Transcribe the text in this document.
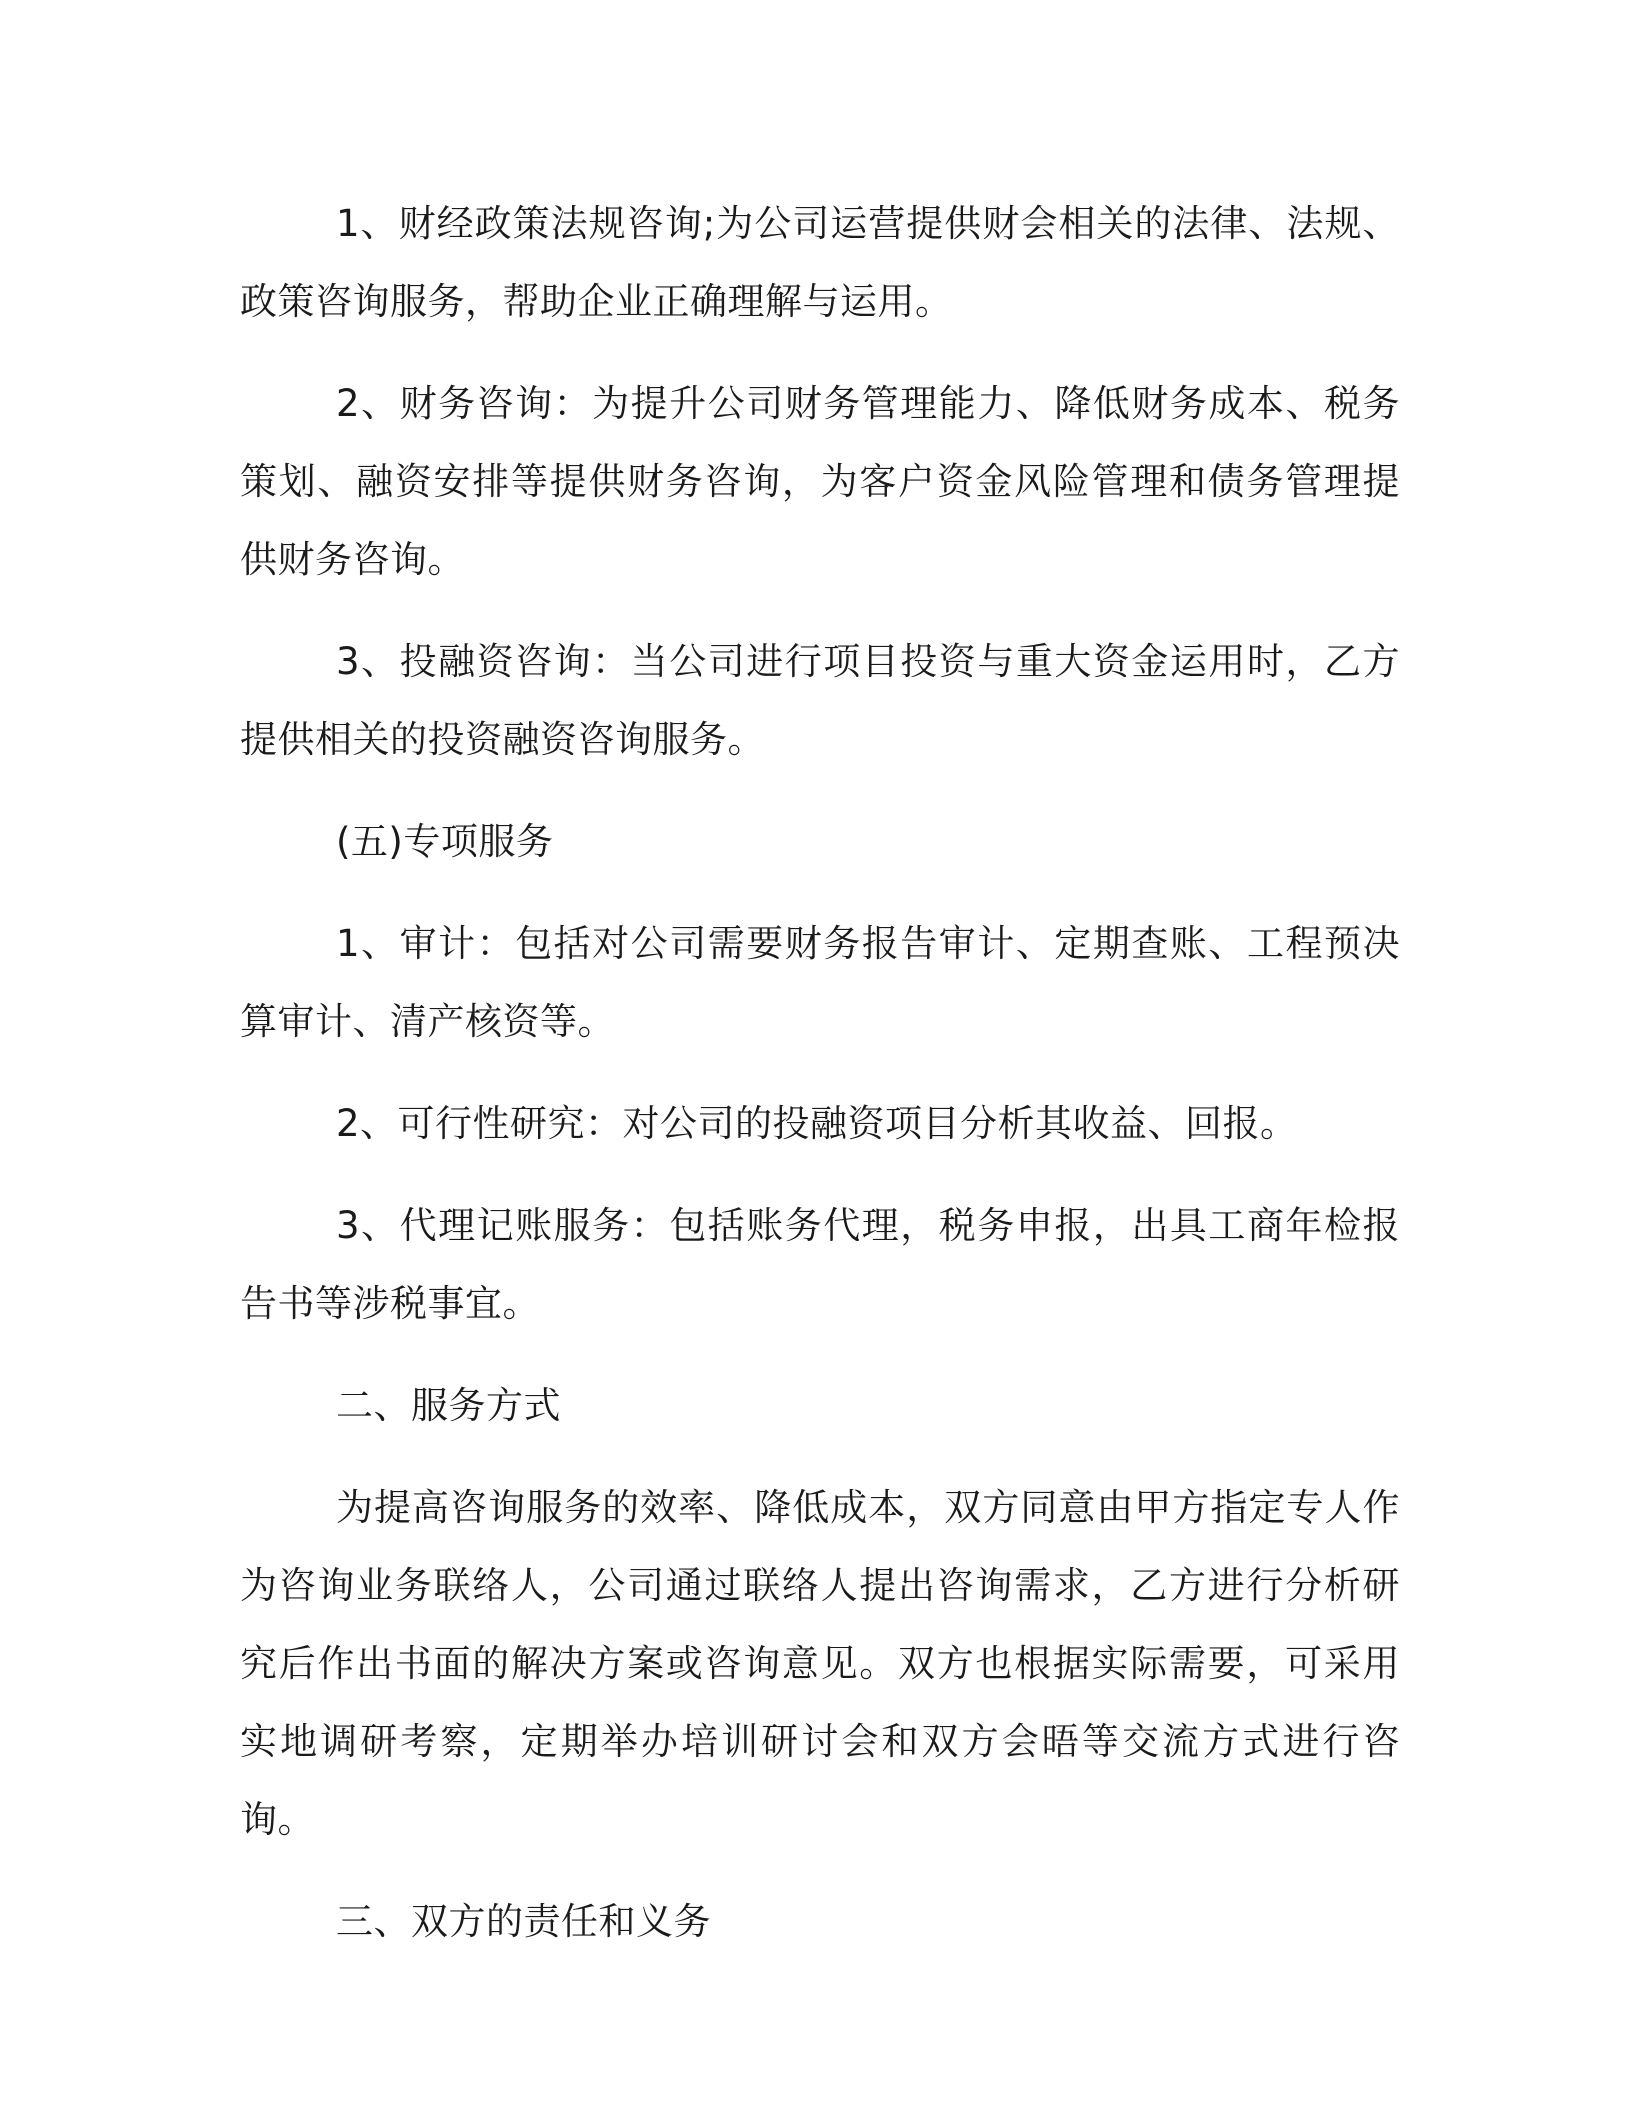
1、财经政策法规咨询;为公司运营提供财会相关的法律、法规、政策咨询服务，帮助企业正确理解与运用。

2、财务咨询：为提升公司财务管理能力、降低财务成本、税务策划、融资安排等提供财务咨询，为客户资金风险管理和债务管理提供财务咨询。

3、投融资咨询：当公司进行项目投资与重大资金运用时，乙方提供相关的投资融资咨询服务。

(五)专项服务

1、审计：包括对公司需要财务报告审计、定期查账、工程预决算审计、清产核资等。

2、可行性研究：对公司的投融资项目分析其收益、回报。

3、代理记账服务：包括账务代理，税务申报，出具工商年检报告书等涉税事宜。

二、服务方式

为提高咨询服务的效率、降低成本，双方同意由甲方指定专人作为咨询业务联络人，公司通过联络人提出咨询需求，乙方进行分析研究后作出书面的解决方案或咨询意见。双方也根据实际需要，可采用实地调研考察，定期举办培训研讨会和双方会晤等交流方式进行咨询。

三、双方的责任和义务
